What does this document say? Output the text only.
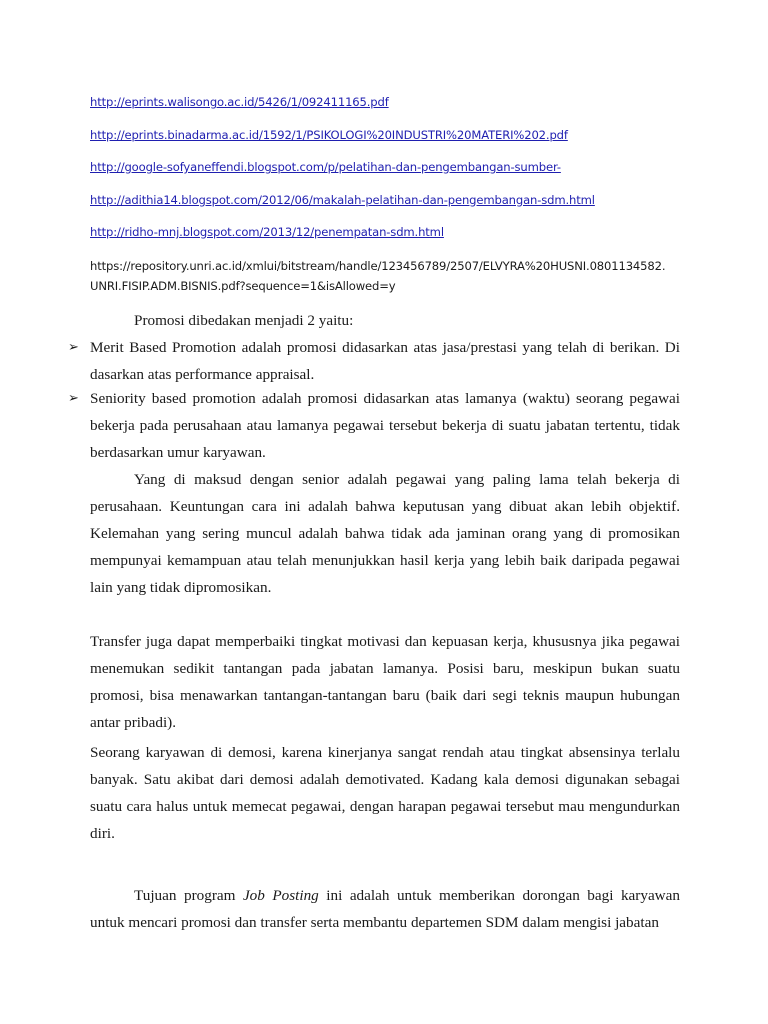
http://eprints.walisongo.ac.id/5426/1/092411165.pdf
http://eprints.binadarma.ac.id/1592/1/PSIKOLOGI%20INDUSTRI%20MATERI%202.pdf
http://google-sofyaneffendi.blogspot.com/p/pelatihan-dan-pengembangan-sumber-
http://adithia14.blogspot.com/2012/06/makalah-pelatihan-dan-pengembangan-sdm.html
http://ridho-mnj.blogspot.com/2013/12/penempatan-sdm.html
https://repository.unri.ac.id/xmlui/bitstream/handle/123456789/2507/ELVYRA%20HUSNI.0801134582.
UNRI.FISIP.ADM.BISNIS.pdf?sequence=1&isAllowed=y

Promosi dibedakan menjadi 2 yaitu:

➢ Merit Based Promotion adalah promosi didasarkan atas jasa/prestasi yang telah di berikan. Di dasarkan atas performance appraisal.

➢ Seniority based promotion adalah promosi didasarkan atas lamanya (waktu) seorang pegawai bekerja pada perusahaan atau lamanya pegawai tersebut bekerja di suatu jabatan tertentu, tidak berdasarkan umur karyawan.

Yang di maksud dengan senior adalah pegawai yang paling lama telah bekerja di perusahaan. Keuntungan cara ini adalah bahwa keputusan yang dibuat akan lebih objektif. Kelemahan yang sering muncul adalah bahwa tidak ada jaminan orang yang di promosikan mempunyai kemampuan atau telah menunjukkan hasil kerja yang lebih baik daripada pegawai lain yang tidak dipromosikan.

Transfer juga dapat memperbaiki tingkat motivasi dan kepuasan kerja, khususnya jika pegawai menemukan sedikit tantangan pada jabatan lamanya. Posisi baru, meskipun bukan suatu promosi, bisa menawarkan tantangan-tantangan baru (baik dari segi teknis maupun hubungan antar pribadi).

Seorang karyawan di demosi, karena kinerjanya sangat rendah atau tingkat absensinya terlalu banyak. Satu akibat dari demosi adalah demotivated. Kadang kala demosi digunakan sebagai suatu cara halus untuk memecat pegawai, dengan harapan pegawai tersebut mau mengundurkan diri.

Tujuan program Job Posting ini adalah untuk memberikan dorongan bagi karyawan untuk mencari promosi dan transfer serta membantu departemen SDM dalam mengisi jabatan
